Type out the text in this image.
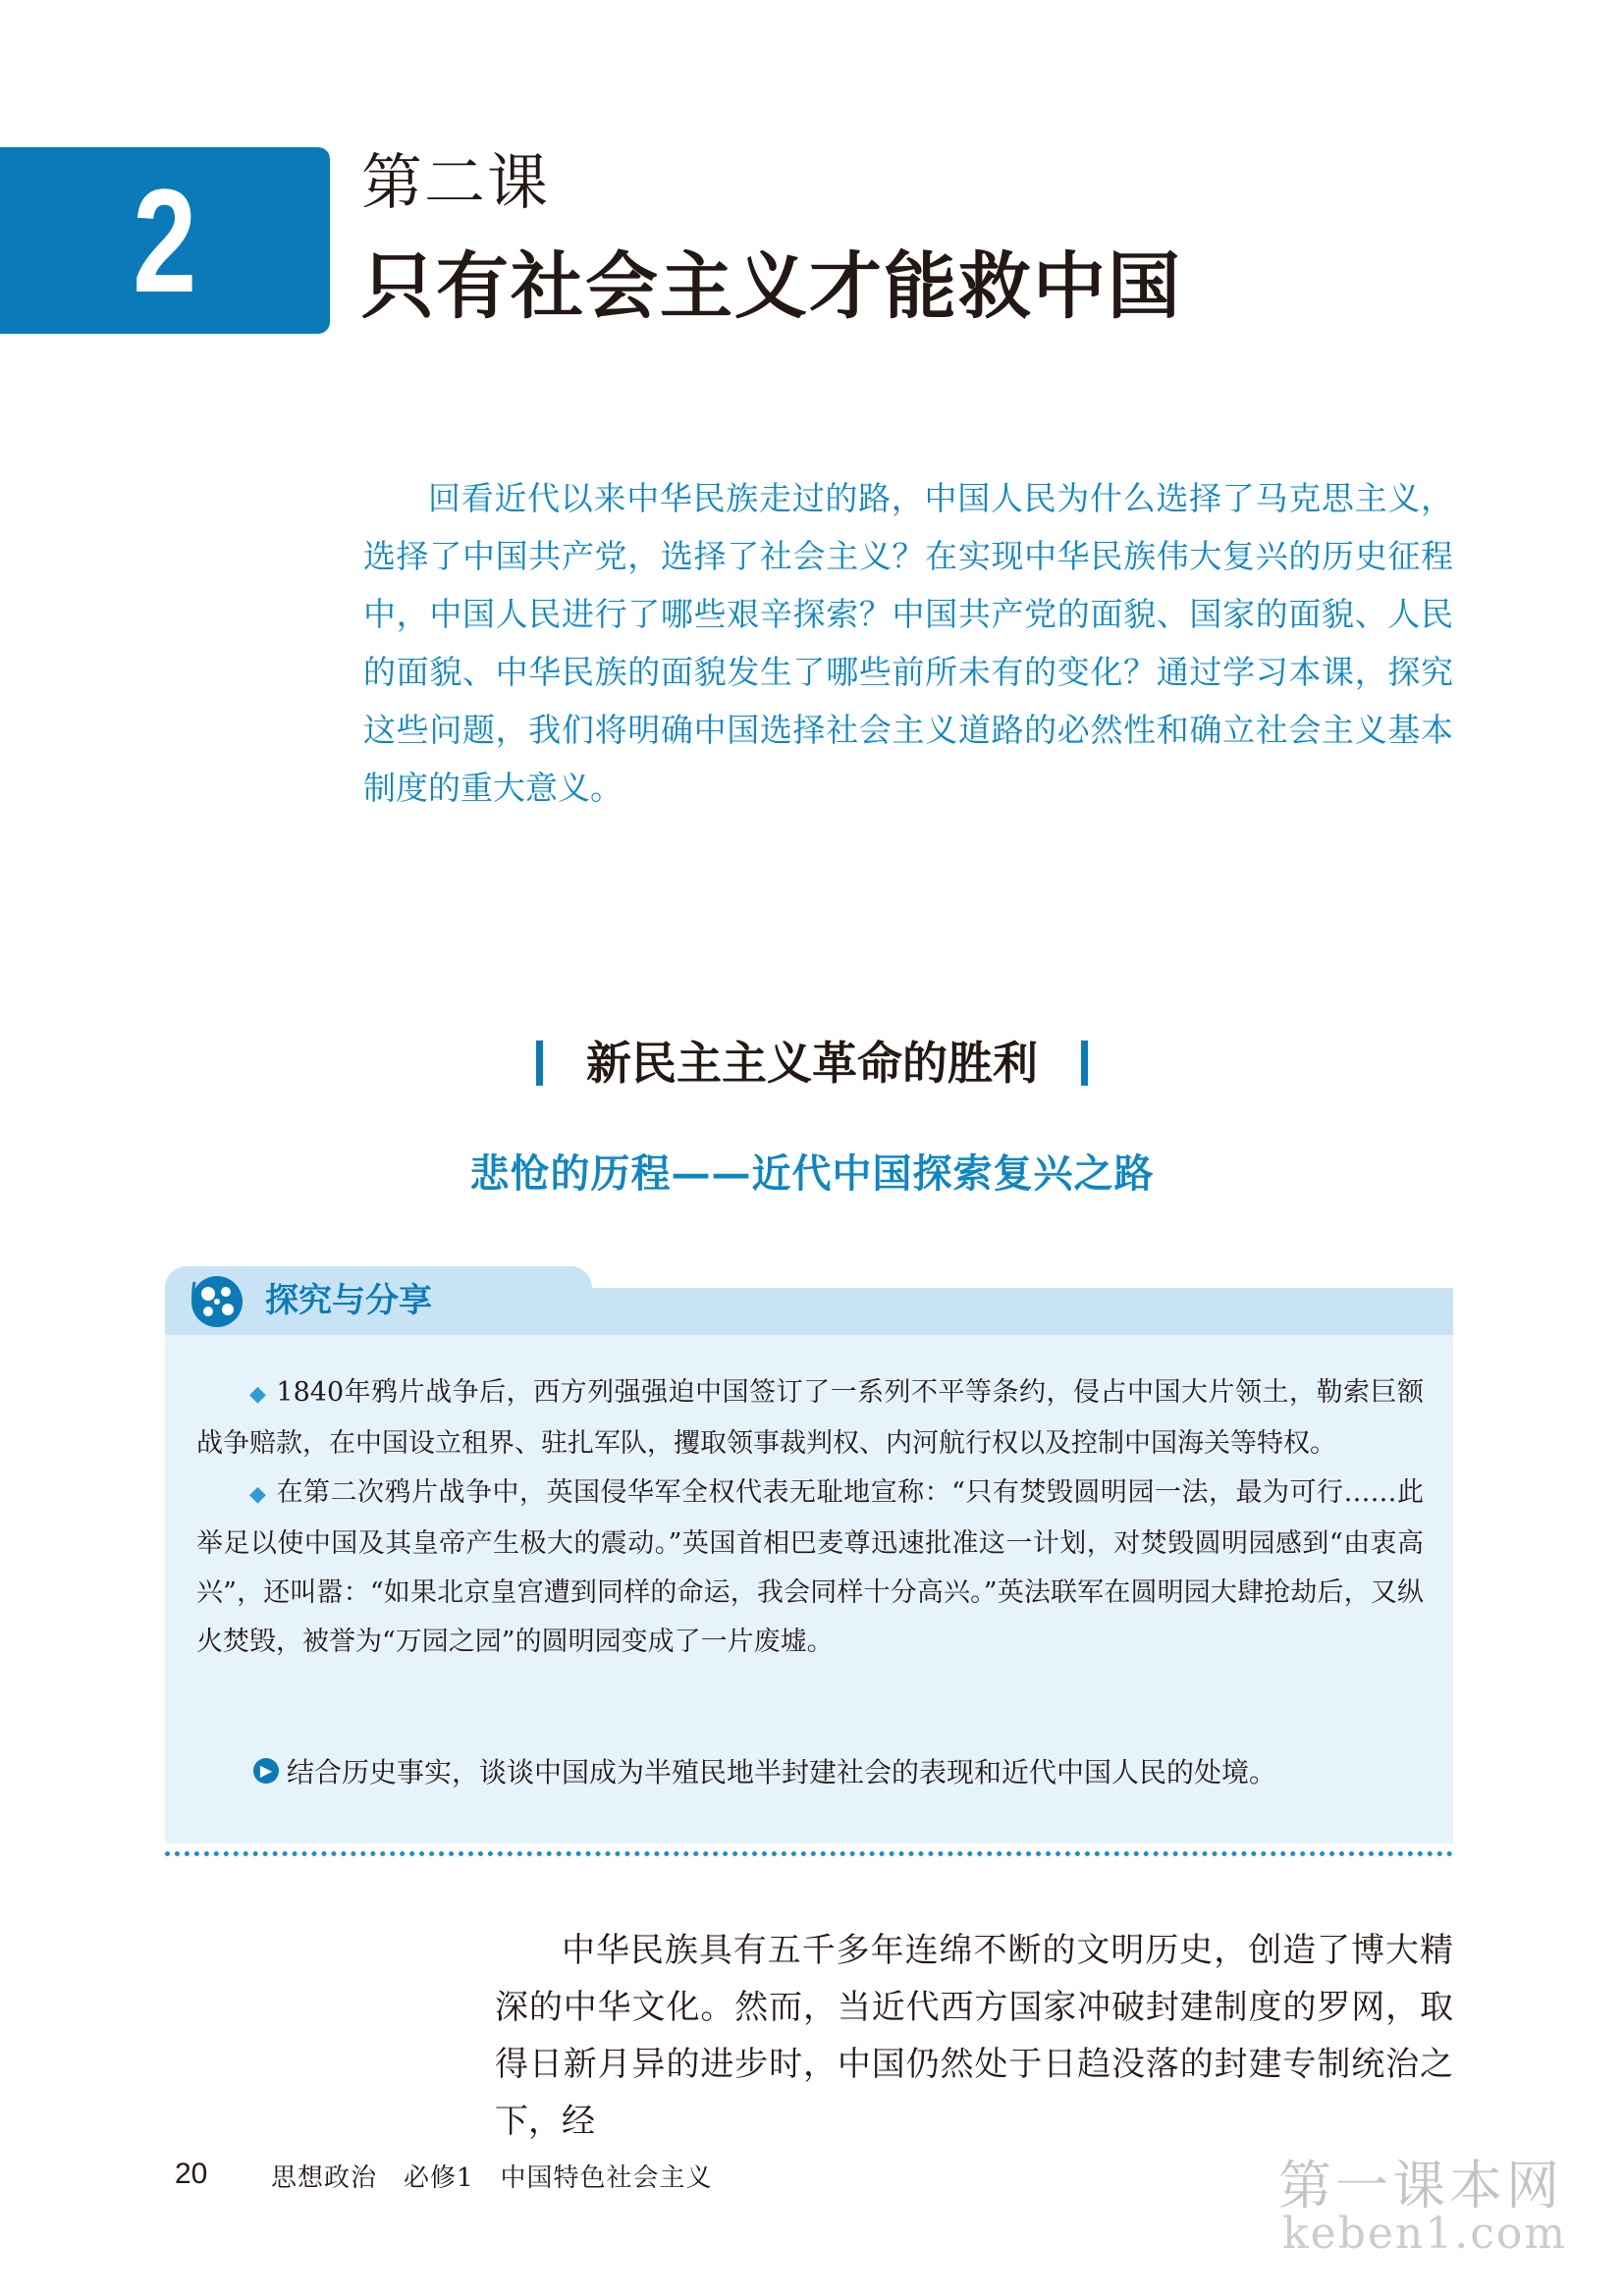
2	第二课
只有社会主义才能救中国

回看近代以来中华民族走过的路，中国人民为什么选择了马克思主义，选择了中国共产党，选择了社会主义？在实现中华民族伟大复兴的历史征程中，中国人民进行了哪些艰辛探索？中国共产党的面貌、国家的面貌、人民的面貌、中华民族的面貌发生了哪些前所未有的变化？通过学习本课，探究这些问题，我们将明确中国选择社会主义道路的必然性和确立社会主义基本制度的重大意义。

新民主主义革命的胜利
悲怆的历程——近代中国探索复兴之路
探究与分享

◆ 1840年鸦片战争后，西方列强强迫中国签订了一系列不平等条约，侵占中国大片领土，勒索巨额战争赔款，在中国设立租界、驻扎军队，攫取领事裁判权、内河航行权以及控制中国海关等特权。

◆ 在第二次鸦片战争中，英国侵华军全权代表无耻地宣称：“只有焚毁圆明园一法，最为可行……此举足以使中国及其皇帝产生极大的震动。”英国首相巴麦尊迅速批准这一计划，对焚毁圆明园感到“由衷高兴”，还叫嚣：“如果北京皇宫遭到同样的命运，我会同样十分高兴。”英法联军在圆明园大肆抢劫后，又纵火焚毁，被誉为“万园之园”的圆明园变成了一片废墟。

▶ 结合历史事实，谈谈中国成为半殖民地半封建社会的表现和近代中国人民的处境。

中华民族具有五千多年连绵不断的文明历史，创造了博大精深的中华文化。然而，当近代西方国家冲破封建制度的罗网，取得日新月异的进步时，中国仍然处于日趋没落的封建专制统治之下，经

20 思想政治　必修1　中国特色社会主义	第一课本网
keben1.com
